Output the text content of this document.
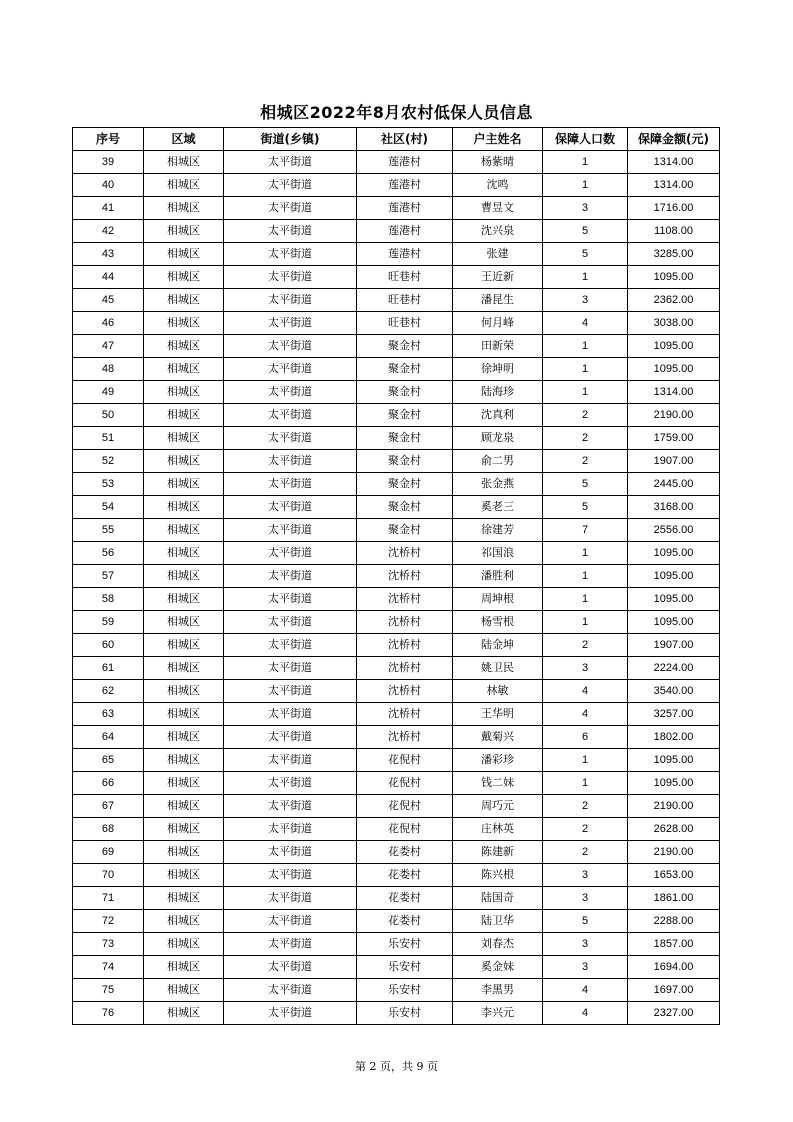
相城区2022年8月农村低保人员信息
序号	区域	街道(乡镇)	社区(村)	户主姓名	保障人口数	保障金额(元)
39	相城区	太平街道	莲港村	杨紫晴	1	1314.00
40	相城区	太平街道	莲港村	沈鸣	1	1314.00
41	相城区	太平街道	莲港村	曹昱文	3	1716.00
42	相城区	太平街道	莲港村	沈兴泉	5	1108.00
43	相城区	太平街道	莲港村	张建	5	3285.00
44	相城区	太平街道	旺巷村	王近新	1	1095.00
45	相城区	太平街道	旺巷村	潘昆生	3	2362.00
46	相城区	太平街道	旺巷村	何月峰	4	3038.00
47	相城区	太平街道	聚金村	田新荣	1	1095.00
48	相城区	太平街道	聚金村	徐坤明	1	1095.00
49	相城区	太平街道	聚金村	陆海珍	1	1314.00
50	相城区	太平街道	聚金村	沈真利	2	2190.00
51	相城区	太平街道	聚金村	顾龙泉	2	1759.00
52	相城区	太平街道	聚金村	俞二男	2	1907.00
53	相城区	太平街道	聚金村	张金燕	5	2445.00
54	相城区	太平街道	聚金村	奚老三	5	3168.00
55	相城区	太平街道	聚金村	徐建芳	7	2556.00
56	相城区	太平街道	沈桥村	祁国浪	1	1095.00
57	相城区	太平街道	沈桥村	潘胜利	1	1095.00
58	相城区	太平街道	沈桥村	周坤根	1	1095.00
59	相城区	太平街道	沈桥村	杨雪根	1	1095.00
60	相城区	太平街道	沈桥村	陆金坤	2	1907.00
61	相城区	太平街道	沈桥村	姚卫民	3	2224.00
62	相城区	太平街道	沈桥村	林敏	4	3540.00
63	相城区	太平街道	沈桥村	王华明	4	3257.00
64	相城区	太平街道	沈桥村	戴菊兴	6	1802.00
65	相城区	太平街道	花倪村	潘彩珍	1	1095.00
66	相城区	太平街道	花倪村	钱二妹	1	1095.00
67	相城区	太平街道	花倪村	周巧元	2	2190.00
68	相城区	太平街道	花倪村	庄林英	2	2628.00
69	相城区	太平街道	花娄村	陈建新	2	2190.00
70	相城区	太平街道	花娄村	陈兴根	3	1653.00
71	相城区	太平街道	花娄村	陆国奇	3	1861.00
72	相城区	太平街道	花娄村	陆卫华	5	2288.00
73	相城区	太平街道	乐安村	刘春杰	3	1857.00
74	相城区	太平街道	乐安村	奚金妹	3	1694.00
75	相城区	太平街道	乐安村	李黑男	4	1697.00
76	相城区	太平街道	乐安村	李兴元	4	2327.00
第 2 页，共 9 页
